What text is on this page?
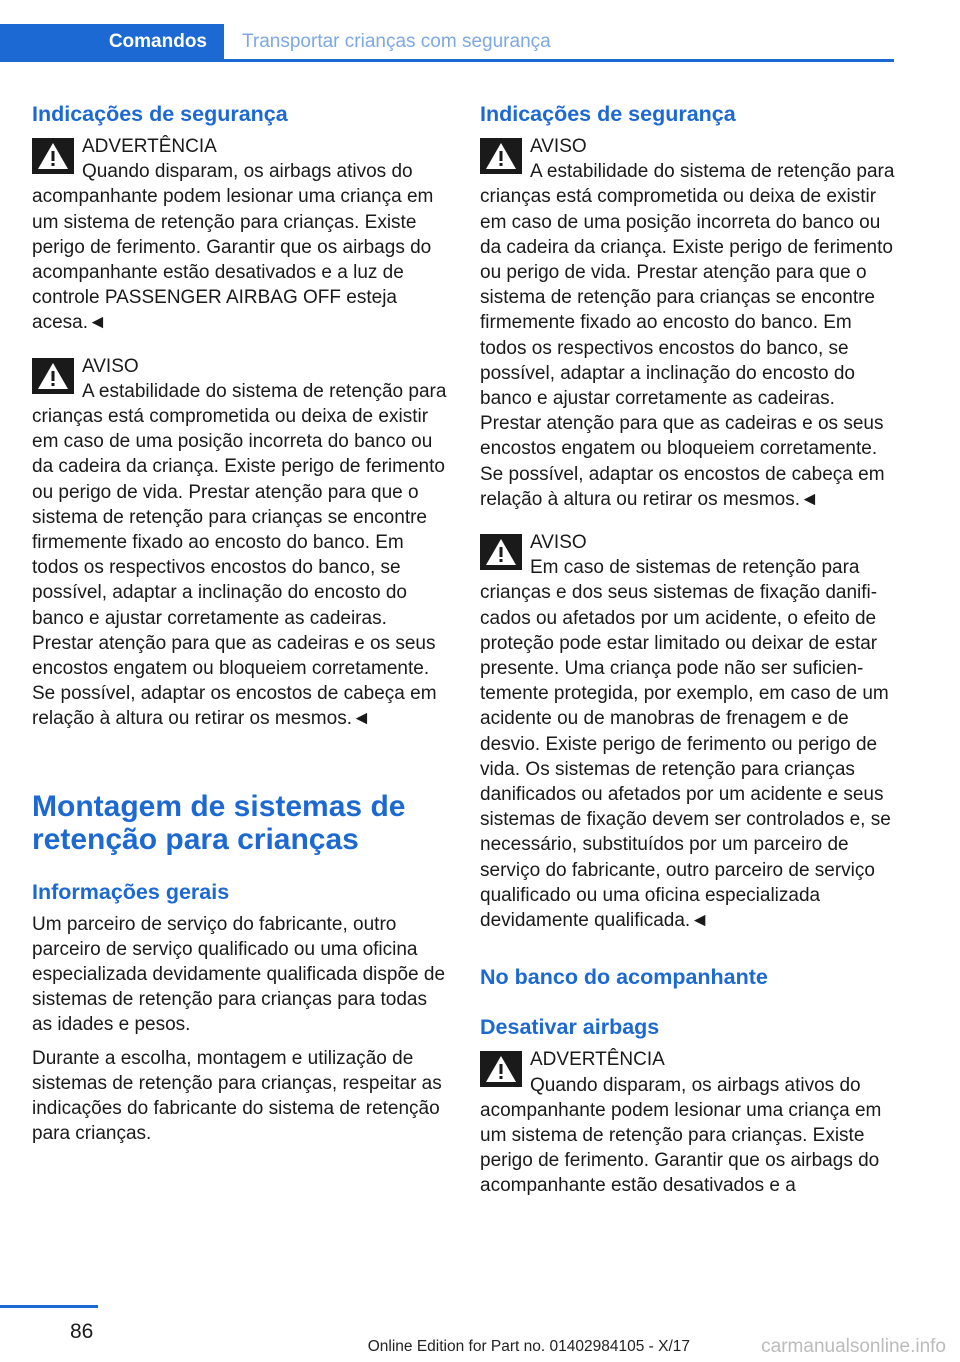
Comandos	Transportar crianças com segurança
Indicações de segurança
ADVERTÊNCIA
Quando disparam, os airbags ativos do acompanhante podem lesionar uma criança em um sistema de retenção para crianças. Existe perigo de ferimento. Garantir que os airbags do acompanhante estão desativados e a luz de controle PASSENGER AIRBAG OFF esteja acesa.◄
AVISO
A estabilidade do sistema de retenção para crianças está comprometida ou deixa de existir em caso de uma posição incorreta do banco ou da cadeira da criança. Existe perigo de ferimento ou perigo de vida. Prestar atenção para que o sistema de retenção para crianças se encontre firmemente fixado ao encosto do banco. Em todos os respectivos encostos do banco, se possível, adaptar a inclinação do encosto do banco e ajustar corretamente as cadeiras. Prestar atenção para que as cadeiras e os seus encostos engatem ou bloqueiem corretamente. Se possível, adaptar os encostos de cabeça em relação à altura ou retirar os mesmos.◄
Montagem de sistemas de retenção para crianças
Informações gerais

Um parceiro de serviço do fabricante, outro parceiro de serviço qualificado ou uma oficina especializada devidamente qualificada dispõe de sistemas de retenção para crianças para todas as idades e pesos.

Durante a escolha, montagem e utilização de sistemas de retenção para crianças, respeitar as indicações do fabricante do sistema de retenção para crianças.

Indicações de segurança
AVISO
A estabilidade do sistema de retenção para crianças está comprometida ou deixa de existir em caso de uma posição incorreta do banco ou da cadeira da criança. Existe perigo de ferimento ou perigo de vida. Prestar atenção para que o sistema de retenção para crianças se encontre firmemente fixado ao encosto do banco. Em todos os respectivos encostos do banco, se possível, adaptar a inclinação do encosto do banco e ajustar corretamente as cadeiras. Prestar atenção para que as cadeiras e os seus encostos engatem ou bloqueiem corretamente. Se possível, adaptar os encostos de cabeça em relação à altura ou retirar os mesmos.◄
AVISO
Em caso de sistemas de retenção para crianças e dos seus sistemas de fixação danificados ou afetados por um acidente, o efeito de proteção pode estar limitado ou deixar de estar presente. Uma criança pode não ser suficientemente protegida, por exemplo, em caso de um acidente ou de manobras de frenagem e de desvio. Existe perigo de ferimento ou perigo de vida. Os sistemas de retenção para crianças danificados ou afetados por um acidente e seus sistemas de fixação devem ser controlados e, se necessário, substituídos por um parceiro de serviço do fabricante, outro parceiro de serviço qualificado ou uma oficina especializada devidamente qualificada.◄
No banco do acompanhante
Desativar airbags
ADVERTÊNCIA
Quando disparam, os airbags ativos do acompanhante podem lesionar uma criança em um sistema de retenção para crianças. Existe perigo de ferimento. Garantir que os airbags do acompanhante estão desativados e a
86
Online Edition for Part no. 01402984105 - X/17	carmanualsonline.info
